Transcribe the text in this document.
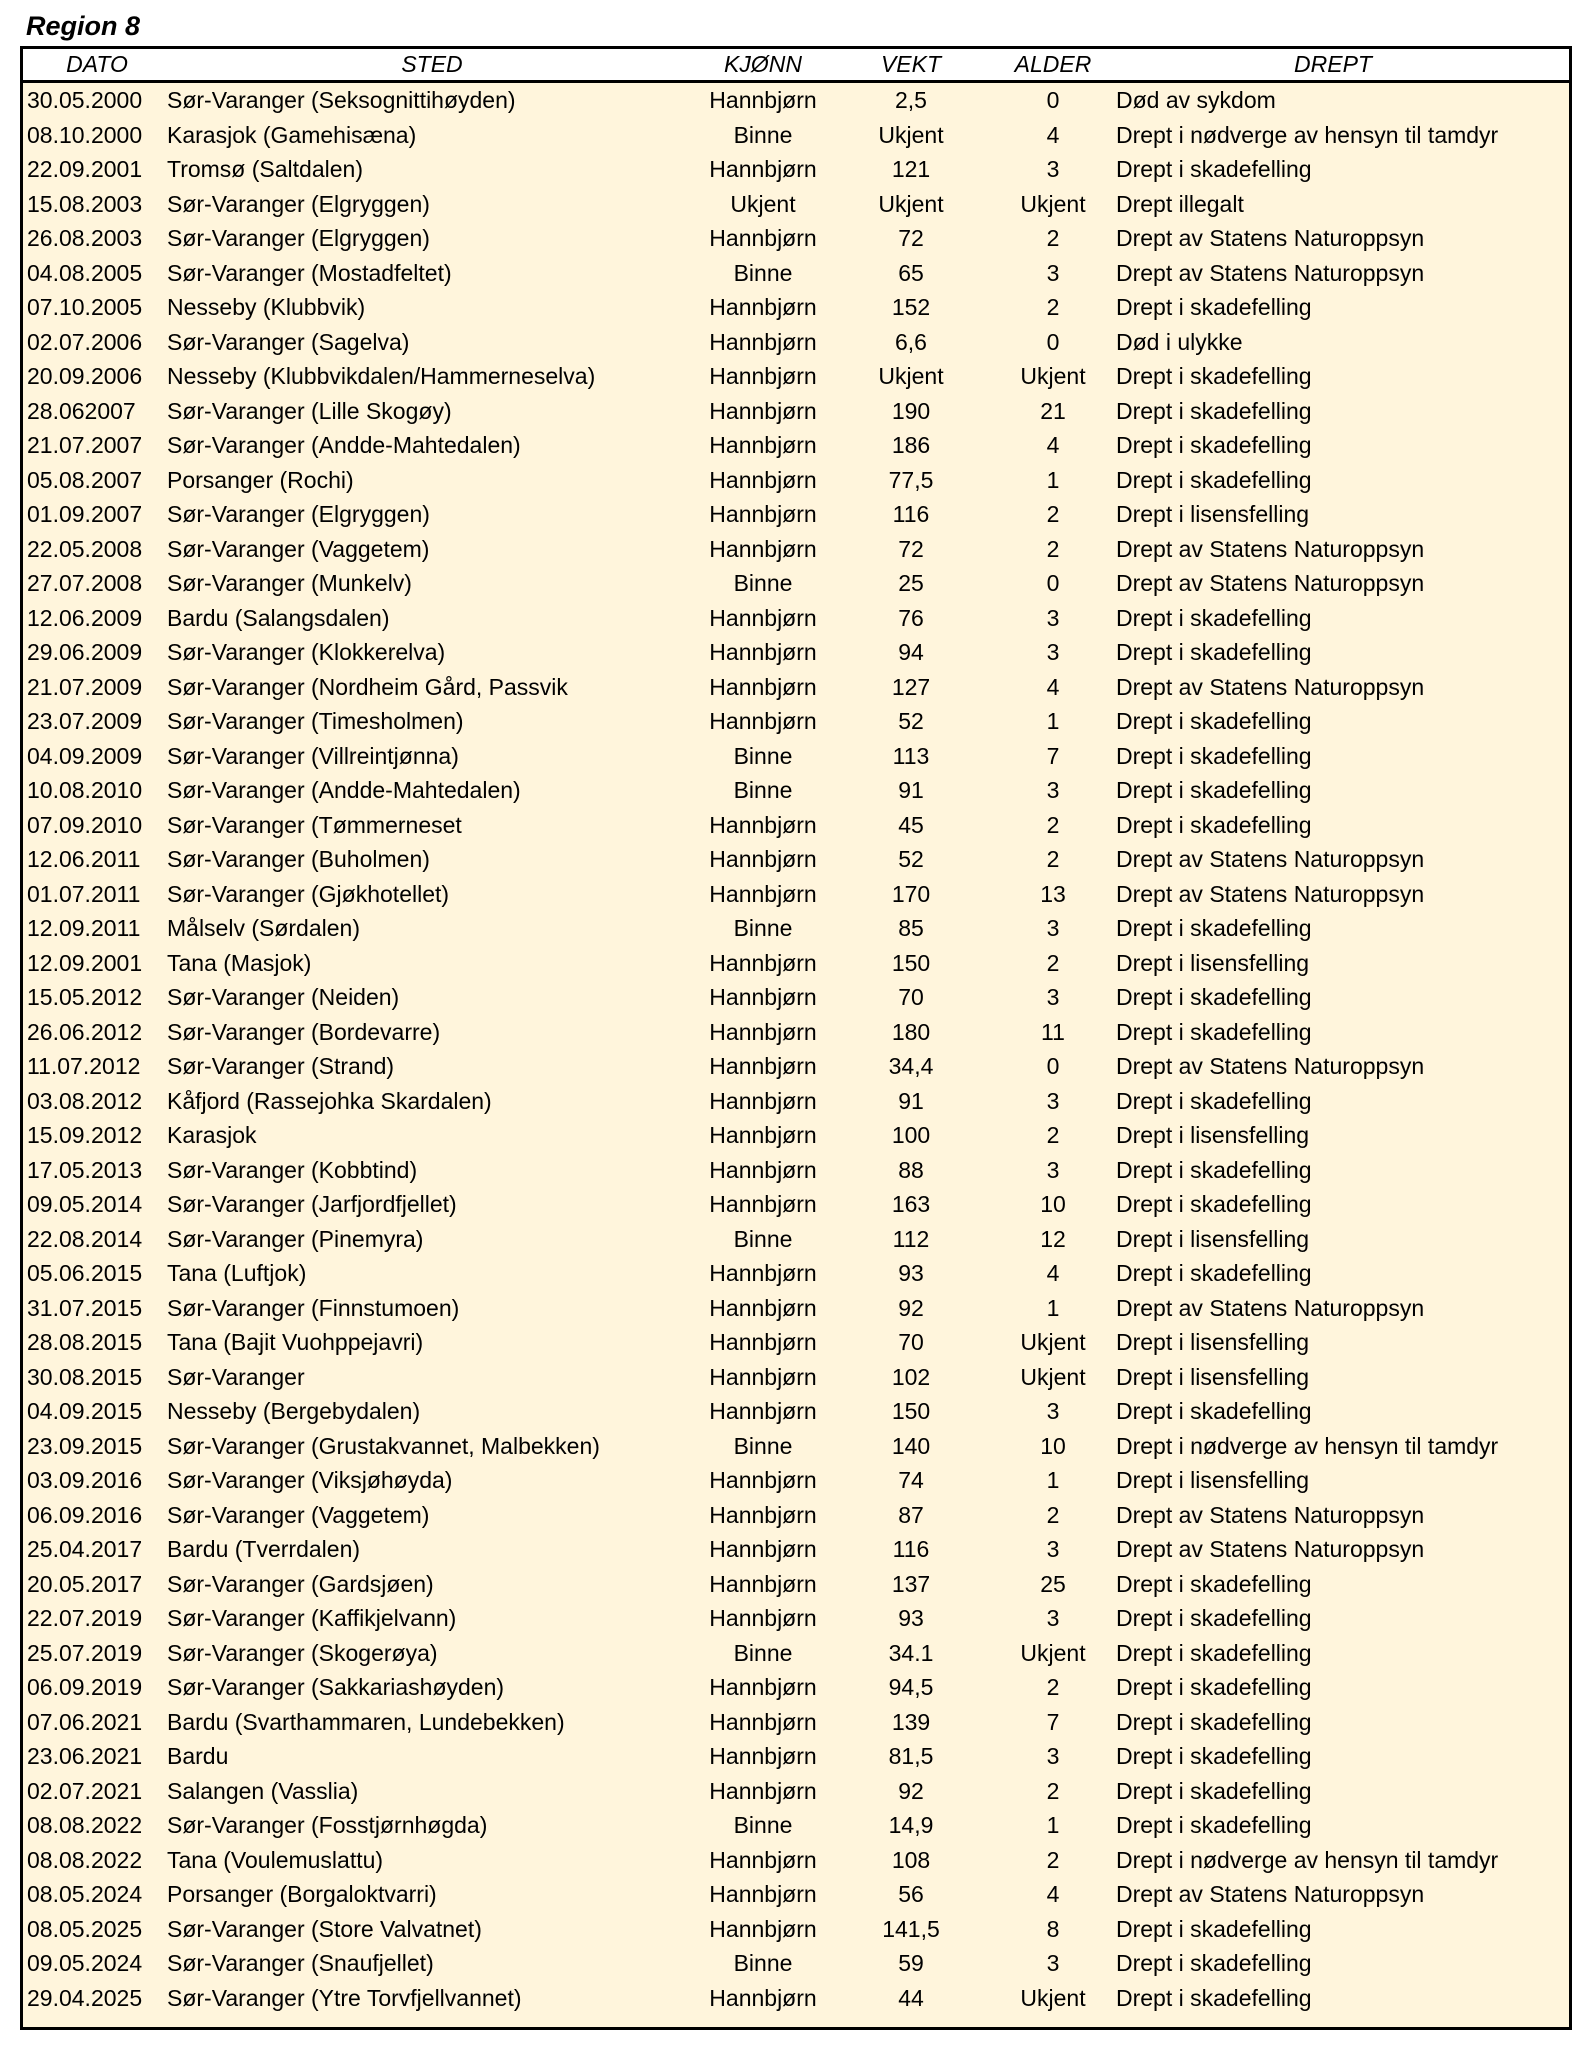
Region 8
DATO	STED	KJØNN	VEKT	ALDER	DREPT
30.05.2000	Sør-Varanger (Seksognittihøyden)	Hannbjørn	2,5	0	Død av sykdom
08.10.2000	Karasjok (Gamehisæna)	Binne	Ukjent	4	Drept i nødverge av hensyn til tamdyr
22.09.2001	Tromsø (Saltdalen)	Hannbjørn	121	3	Drept i skadefelling
15.08.2003	Sør-Varanger (Elgryggen)	Ukjent	Ukjent	Ukjent	Drept illegalt
26.08.2003	Sør-Varanger (Elgryggen)	Hannbjørn	72	2	Drept av Statens Naturoppsyn
04.08.2005	Sør-Varanger (Mostadfeltet)	Binne	65	3	Drept av Statens Naturoppsyn
07.10.2005	Nesseby (Klubbvik)	Hannbjørn	152	2	Drept i skadefelling
02.07.2006	Sør-Varanger (Sagelva)	Hannbjørn	6,6	0	Død i ulykke
20.09.2006	Nesseby (Klubbvikdalen/Hammerneselva)	Hannbjørn	Ukjent	Ukjent	Drept i skadefelling
28.062007	Sør-Varanger (Lille Skogøy)	Hannbjørn	190	21	Drept i skadefelling
21.07.2007	Sør-Varanger (Andde-Mahtedalen)	Hannbjørn	186	4	Drept i skadefelling
05.08.2007	Porsanger (Rochi)	Hannbjørn	77,5	1	Drept i skadefelling
01.09.2007	Sør-Varanger (Elgryggen)	Hannbjørn	116	2	Drept i lisensfelling
22.05.2008	Sør-Varanger (Vaggetem)	Hannbjørn	72	2	Drept av Statens Naturoppsyn
27.07.2008	Sør-Varanger (Munkelv)	Binne	25	0	Drept av Statens Naturoppsyn
12.06.2009	Bardu (Salangsdalen)	Hannbjørn	76	3	Drept i skadefelling
29.06.2009	Sør-Varanger (Klokkerelva)	Hannbjørn	94	3	Drept i skadefelling
21.07.2009	Sør-Varanger (Nordheim Gård, Passvik	Hannbjørn	127	4	Drept av Statens Naturoppsyn
23.07.2009	Sør-Varanger (Timesholmen)	Hannbjørn	52	1	Drept i skadefelling
04.09.2009	Sør-Varanger (Villreintjønna)	Binne	113	7	Drept i skadefelling
10.08.2010	Sør-Varanger (Andde-Mahtedalen)	Binne	91	3	Drept i skadefelling
07.09.2010	Sør-Varanger (Tømmerneset	Hannbjørn	45	2	Drept i skadefelling
12.06.2011	Sør-Varanger (Buholmen)	Hannbjørn	52	2	Drept av Statens Naturoppsyn
01.07.2011	Sør-Varanger (Gjøkhotellet)	Hannbjørn	170	13	Drept av Statens Naturoppsyn
12.09.2011	Målselv (Sørdalen)	Binne	85	3	Drept i skadefelling
12.09.2001	Tana (Masjok)	Hannbjørn	150	2	Drept i lisensfelling
15.05.2012	Sør-Varanger (Neiden)	Hannbjørn	70	3	Drept i skadefelling
26.06.2012	Sør-Varanger (Bordevarre)	Hannbjørn	180	11	Drept i skadefelling
11.07.2012	Sør-Varanger (Strand)	Hannbjørn	34,4	0	Drept av Statens Naturoppsyn
03.08.2012	Kåfjord (Rassejohka Skardalen)	Hannbjørn	91	3	Drept i skadefelling
15.09.2012	Karasjok	Hannbjørn	100	2	Drept i lisensfelling
17.05.2013	Sør-Varanger (Kobbtind)	Hannbjørn	88	3	Drept i skadefelling
09.05.2014	Sør-Varanger (Jarfjordfjellet)	Hannbjørn	163	10	Drept i skadefelling
22.08.2014	Sør-Varanger (Pinemyra)	Binne	112	12	Drept i lisensfelling
05.06.2015	Tana (Luftjok)	Hannbjørn	93	4	Drept i skadefelling
31.07.2015	Sør-Varanger (Finnstumoen)	Hannbjørn	92	1	Drept av Statens Naturoppsyn
28.08.2015	Tana (Bajit Vuohppejavri)	Hannbjørn	70	Ukjent	Drept i lisensfelling
30.08.2015	Sør-Varanger	Hannbjørn	102	Ukjent	Drept i lisensfelling
04.09.2015	Nesseby (Bergebydalen)	Hannbjørn	150	3	Drept i skadefelling
23.09.2015	Sør-Varanger (Grustakvannet, Malbekken)	Binne	140	10	Drept i nødverge av hensyn til tamdyr
03.09.2016	Sør-Varanger (Viksjøhøyda)	Hannbjørn	74	1	Drept i lisensfelling
06.09.2016	Sør-Varanger (Vaggetem)	Hannbjørn	87	2	Drept av Statens Naturoppsyn
25.04.2017	Bardu (Tverrdalen)	Hannbjørn	116	3	Drept av Statens Naturoppsyn
20.05.2017	Sør-Varanger (Gardsjøen)	Hannbjørn	137	25	Drept i skadefelling
22.07.2019	Sør-Varanger (Kaffikjelvann)	Hannbjørn	93	3	Drept i skadefelling
25.07.2019	Sør-Varanger (Skogerøya)	Binne	34.1	Ukjent	Drept i skadefelling
06.09.2019	Sør-Varanger (Sakkariashøyden)	Hannbjørn	94,5	2	Drept i skadefelling
07.06.2021	Bardu (Svarthammaren, Lundebekken)	Hannbjørn	139	7	Drept i skadefelling
23.06.2021	Bardu	Hannbjørn	81,5	3	Drept i skadefelling
02.07.2021	Salangen (Vasslia)	Hannbjørn	92	2	Drept i skadefelling
08.08.2022	Sør-Varanger (Fosstjørnhøgda)	Binne	14,9	1	Drept i skadefelling
08.08.2022	Tana (Voulemuslattu)	Hannbjørn	108	2	Drept i nødverge av hensyn til tamdyr
08.05.2024	Porsanger (Borgaloktvarri)	Hannbjørn	56	4	Drept av Statens Naturoppsyn
08.05.2025	Sør-Varanger (Store Valvatnet)	Hannbjørn	141,5	8	Drept i skadefelling
09.05.2024	Sør-Varanger (Snaufjellet)	Binne	59	3	Drept i skadefelling
29.04.2025	Sør-Varanger (Ytre Torvfjellvannet)	Hannbjørn	44	Ukjent	Drept i skadefelling
